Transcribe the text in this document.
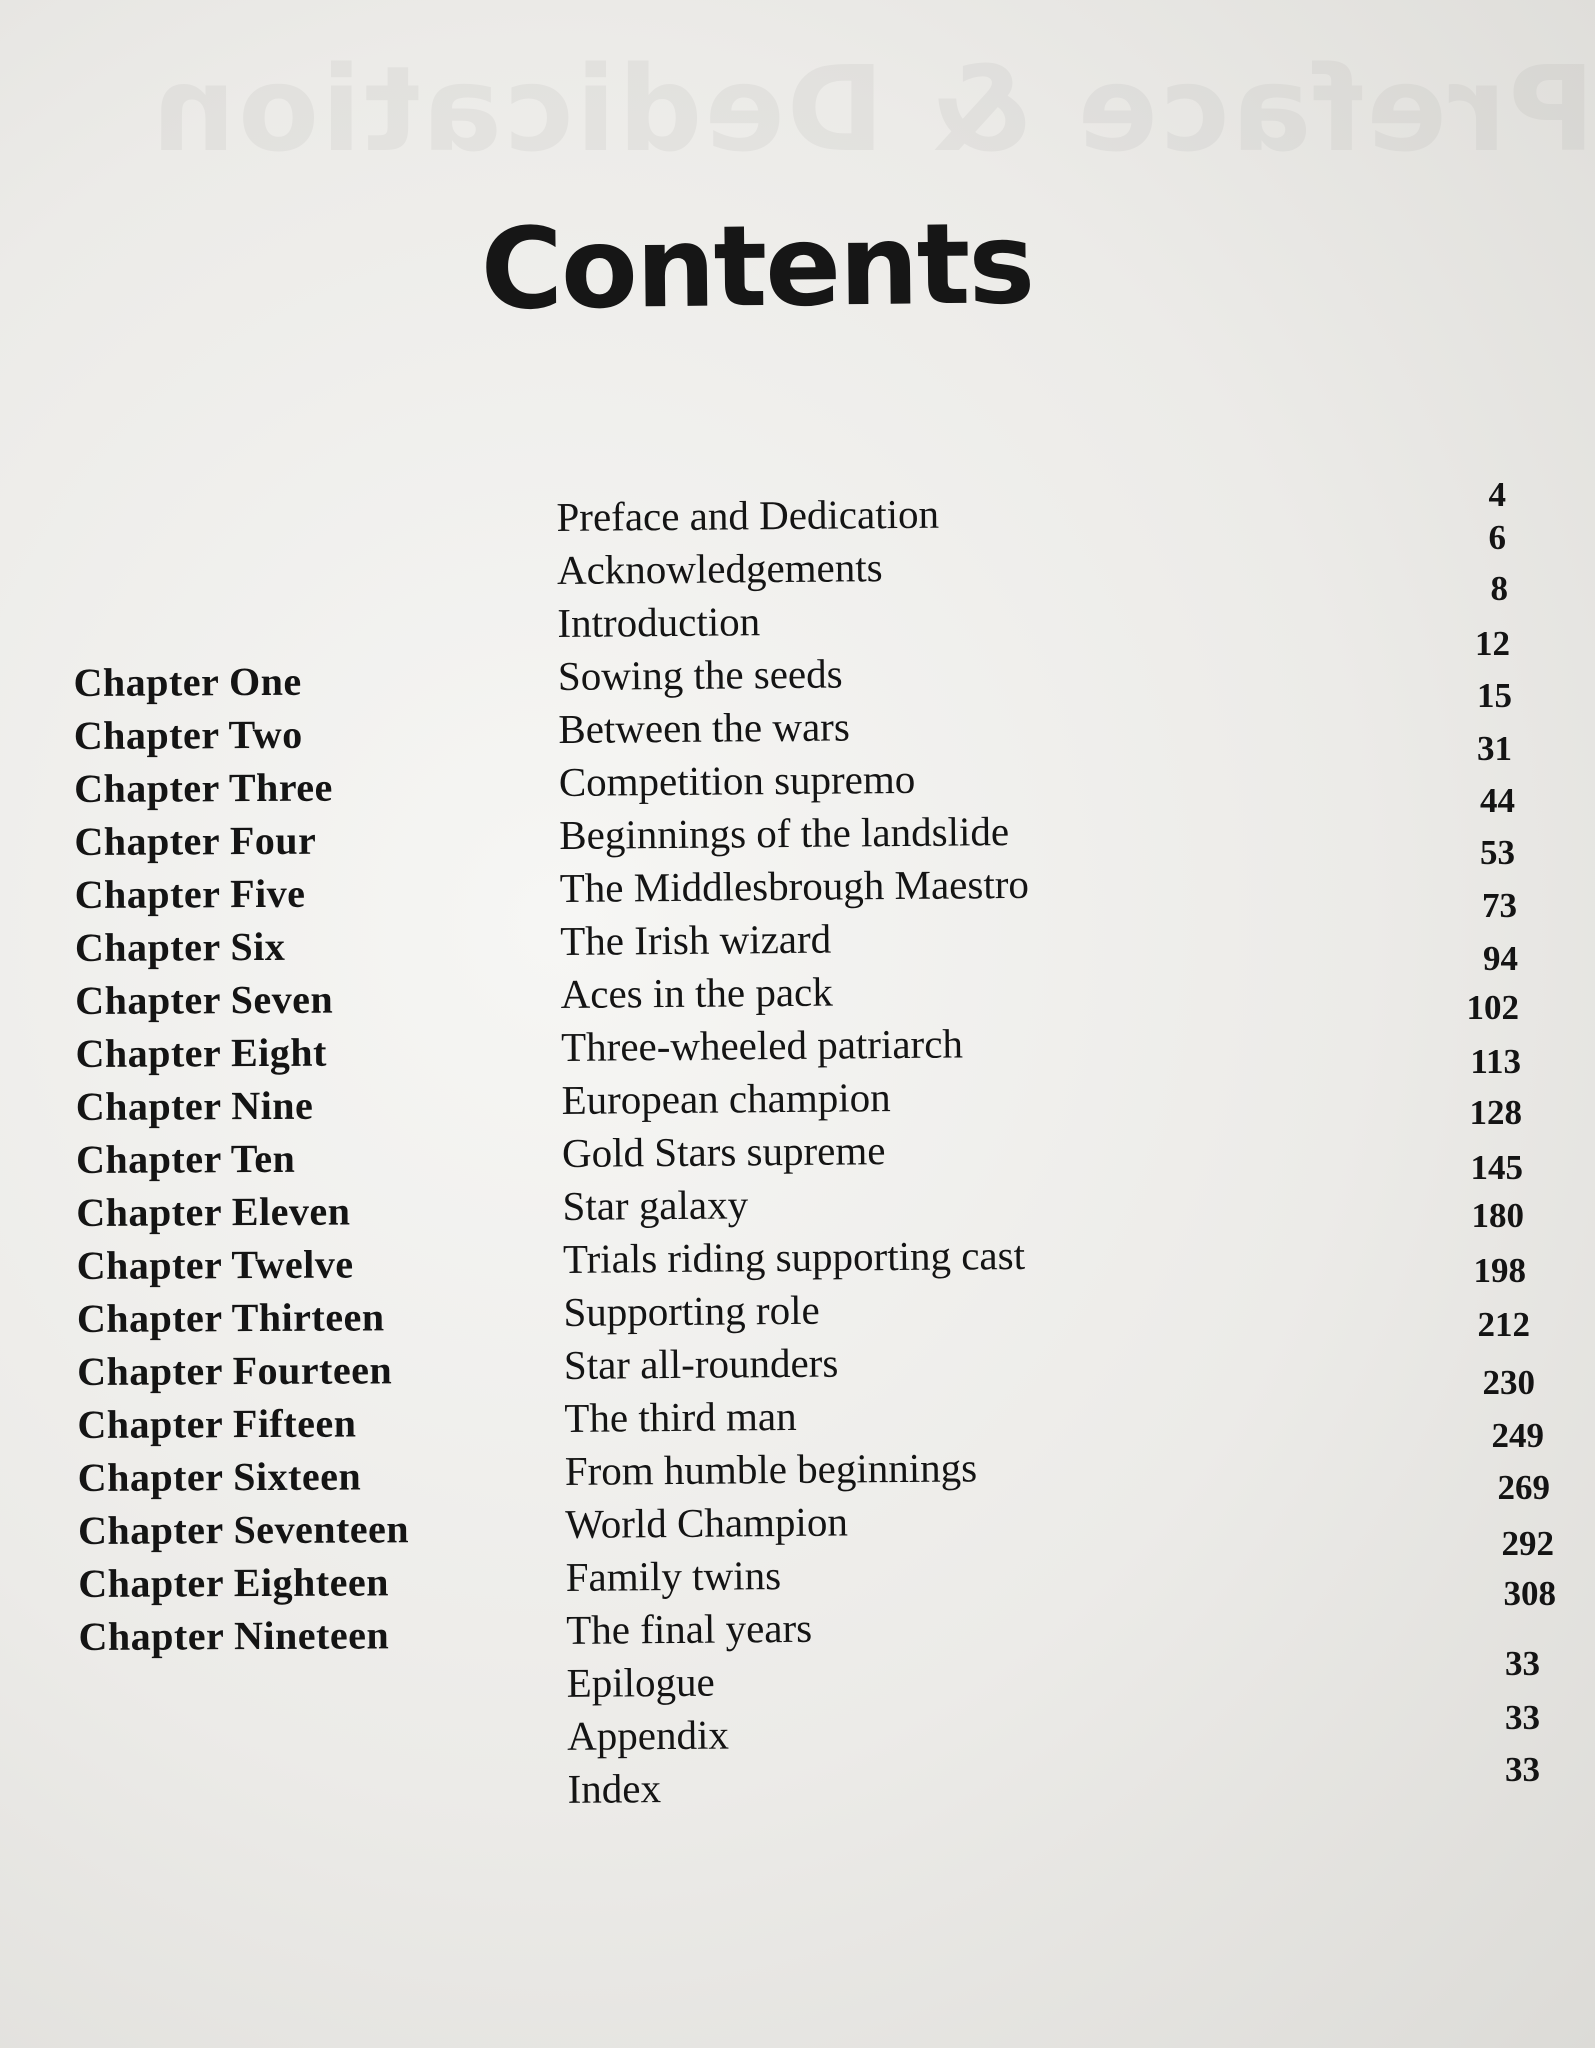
Contents
Chapter One
Chapter Two
Chapter Three
Chapter Four
Chapter Five
Chapter Six
Chapter Seven
Chapter Eight
Chapter Nine
Chapter Ten
Chapter Eleven
Chapter Twelve
Chapter Thirteen
Chapter Fourteen
Chapter Fifteen
Chapter Sixteen
Chapter Seventeen
Chapter Eighteen
Chapter Nineteen
Preface and Dedication
Acknowledgements
Introduction
Sowing the seeds
Between the wars
Competition supremo
Beginnings of the landslide
The Middlesbrough Maestro
The Irish wizard
Aces in the pack
Three-wheeled patriarch
European champion
Gold Stars supreme
Star galaxy
Trials riding supporting cast
Supporting role
Star all-rounders
The third man
From humble beginnings
World Champion
Family twins
The final years
Epilogue
Appendix
Index
4
6
8
12
15
31
44
53
73
94
102
113
128
145
180
198
212
230
249
269
292
308
33
33
33
